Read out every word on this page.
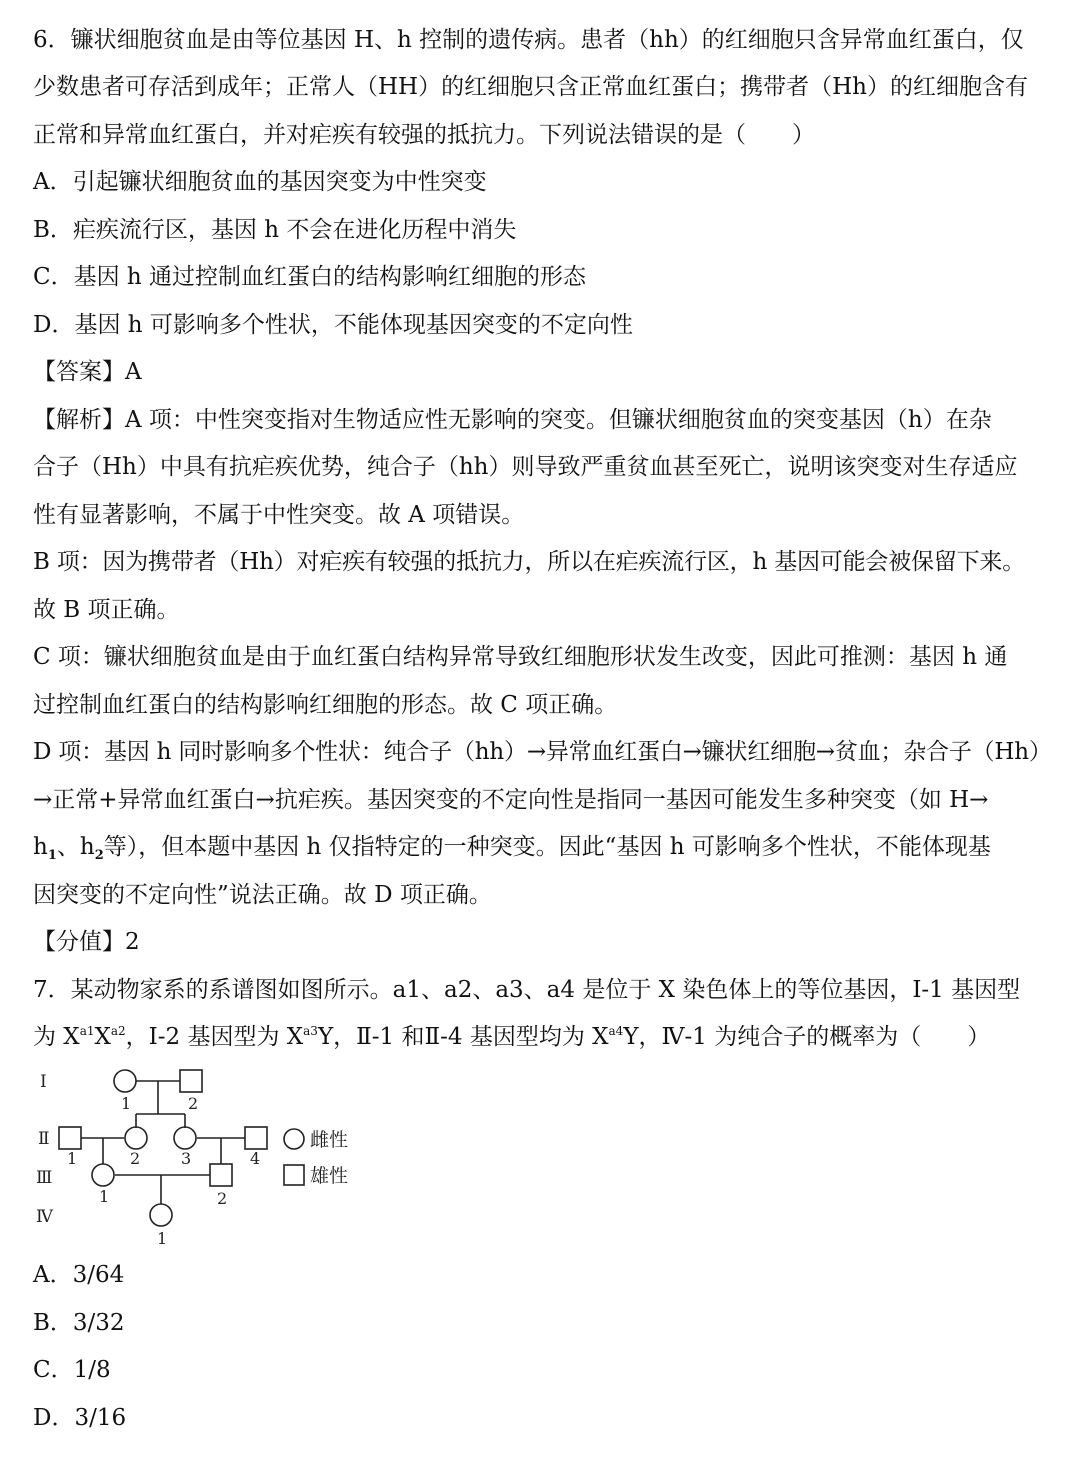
6．镰状细胞贫血是由等位基因 H、h 控制的遗传病。患者（hh）的红细胞只含异常血红蛋白，仅
少数患者可存活到成年；正常人（HH）的红细胞只含正常血红蛋白；携带者（Hh）的红细胞含有
正常和异常血红蛋白，并对疟疾有较强的抵抗力。下列说法错误的是（　　）
A．引起镰状细胞贫血的基因突变为中性突变
B．疟疾流行区，基因 h 不会在进化历程中消失
C．基因 h 通过控制血红蛋白的结构影响红细胞的形态
D．基因 h 可影响多个性状，不能体现基因突变的不定向性
【答案】A
【解析】A 项：中性突变指对生物适应性无影响的突变。但镰状细胞贫血的突变基因（h）在杂
合子（Hh）中具有抗疟疾优势，纯合子（hh）则导致严重贫血甚至死亡，说明该突变对生存适应
性有显著影响，不属于中性突变。故 A 项错误。
B 项：因为携带者（Hh）对疟疾有较强的抵抗力，所以在疟疾流行区，h 基因可能会被保留下来。
故 B 项正确。
C 项：镰状细胞贫血是由于血红蛋白结构异常导致红细胞形状发生改变，因此可推测：基因 h 通
过控制血红蛋白的结构影响红细胞的形态。故 C 项正确。
D 项：基因 h 同时影响多个性状：纯合子（hh）→异常血红蛋白→镰状红细胞→贫血；杂合子（Hh）
→正常+异常血红蛋白→抗疟疾。基因突变的不定向性是指同一基因可能发生多种突变（如 H→
$h_1$、$h_2$等），但本题中基因 h 仅指特定的一种突变。因此“基因 h 可影响多个性状，不能体现基
因突变的不定向性”说法正确。故 D 项正确。
【分值】2
7．某动物家系的系谱图如图所示。a1、a2、a3、a4 是位于 X 染色体上的等位基因，Ⅰ-1 基因型
为 $X^{a1}X^{a2}$，Ⅰ-2 基因型为 $X^{a3}Y$，Ⅱ-1 和Ⅱ-4 基因型均为 $X^{a4}Y$，Ⅳ-1 为纯合子的概率为（　　）
Ⅰ
Ⅱ
Ⅲ
Ⅳ
1	2
1	2	3	4
1	2
1
雌性
雄性
A．3/64
B．3/32
C．1/8
D．3/16
